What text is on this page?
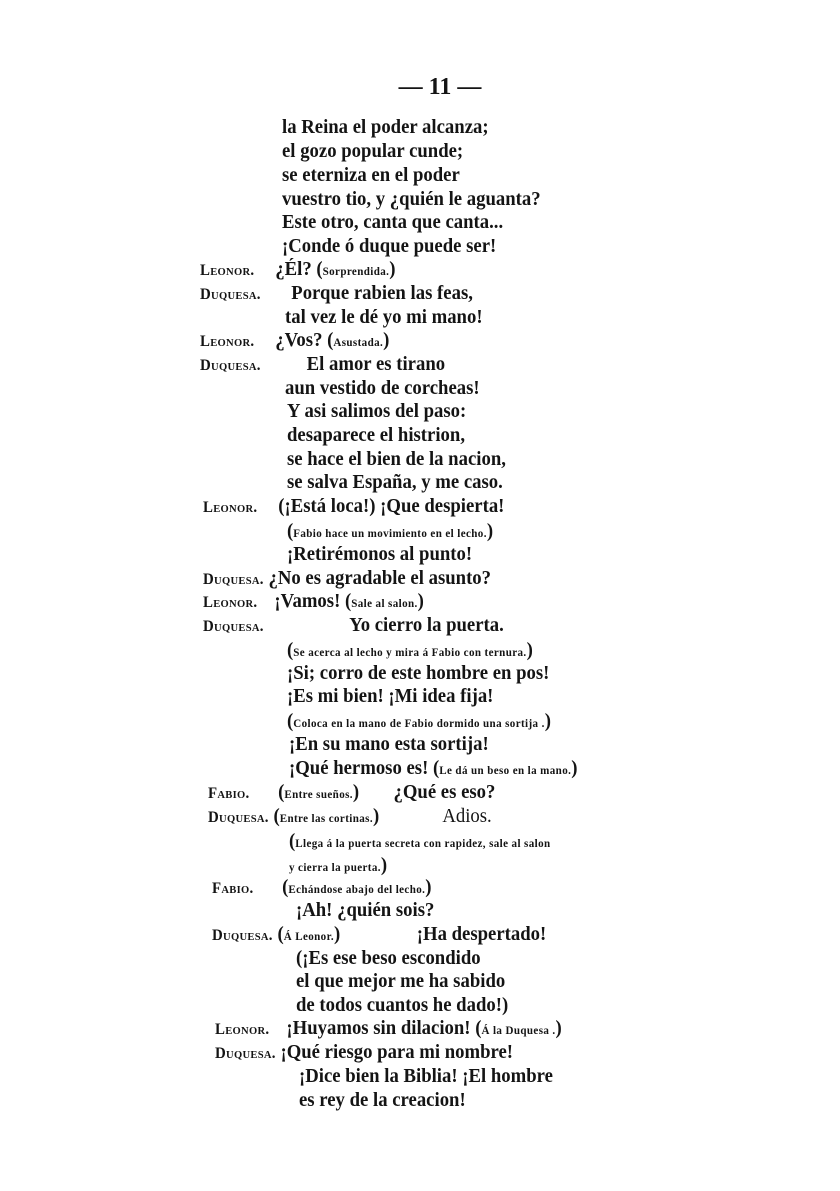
— 11 —
la Reina el poder alcanza;
el gozo popular cunde;
se eterniza en el poder
vuestro tio, y ¿quién le aguanta?
Este otro, canta que canta...
¡Conde ó duque puede ser!
Leonor. ¿Él? (Sorprendida.)
Duquesa. Porque rabien las feas,
tal vez le dé yo mi mano!
Leonor. ¿Vos? (Asustada.)
Duquesa. El amor es tirano
aun vestido de corcheas!
Y asi salimos del paso:
desaparece el histrion,
se hace el bien de la nacion,
se salva España, y me caso.
Leonor. (¡Está loca!) ¡Que despierta!
(Fabio hace un movimiento en el lecho.)
¡Retirémonos al punto!
Duquesa. ¿No es agradable el asunto?
Leonor. ¡Vamos! (Sale al salon.)
Duquesa.	Yo cierro la puerta.
(Se acerca al lecho y mira á Fabio con ternura.)
¡Si; corro de este hombre en pos!
¡Es mi bien! ¡Mi idea fija!
(Coloca en la mano de Fabio dormido una sortija .)
¡En su mano esta sortija!
¡Qué hermoso es! (Le dá un beso en la mano.)
Fabio. (Entre sueños.) ¿Qué es eso?
Duquesa. (Entre las cortinas.)	Adios.
(Llega á la puerta secreta con rapidez, sale al salon
y cierra la puerta.)
Fabio. (Echándose abajo del lecho.)
¡Ah! ¿quién sois?
Duquesa. (Á Leonor.)	¡Ha despertado!
(¡Es ese beso escondido
el que mejor me ha sabido
de todos cuantos he dado!)
Leonor. ¡Huyamos sin dilacion! (Á la Duquesa .)
Duquesa. ¡Qué riesgo para mi nombre!
¡Dice bien la Biblia! ¡El hombre
es rey de la creacion!
